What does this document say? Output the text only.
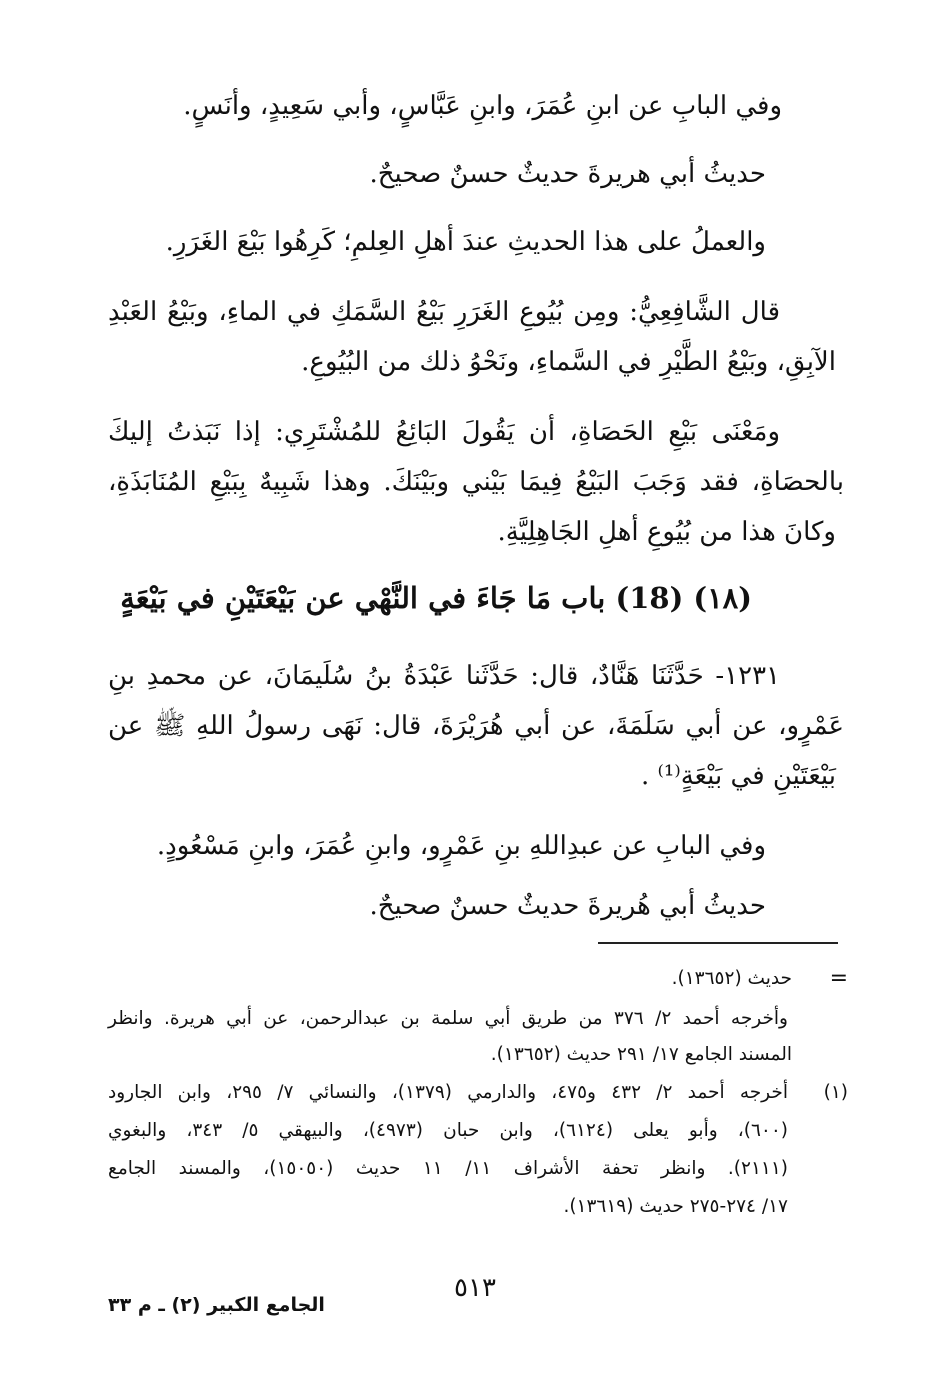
وفي البابِ عن ابنِ عُمَرَ، وابنِ عَبَّاسٍ، وأبي سَعِيدٍ، وأنَسٍ.
حديثُ أبي هريرةَ حديثٌ حسنٌ صحيحٌ.
والعملُ على هذا الحديثِ عندَ أهلِ العِلمِ؛ كَرِهُوا بَيْعَ الغَرَرِ.
قال الشَّافِعِيُّ: ومِن بُيُوعِ الغَرَرِ بَيْعُ السَّمَكِ في الماءِ، وبَيْعُ العَبْدِ
الآبِقِ، وبَيْعُ الطَّيْرِ في السَّماءِ، ونَحْوُ ذلك من البُيُوعِ.
ومَعْنَى بَيْعِ الحَصَاةِ، أن يَقُولَ البَائِعُ للمُشْتَرِي: إذا نَبَذتُ إليكَ
بالحصَاةِ، فقد وَجَبَ البَيْعُ فِيمَا بَيْني وبَيْنَكَ. وهذا شَبِيهٌ بِبَيْعِ المُنَابَذَةِ،
وكانَ هذا من بُيُوعِ أهلِ الجَاهِلِيَّةِ.
(١٨) (18) باب مَا جَاءَ في النَّهْي عن بَيْعَتَيْنِ في بَيْعَةٍ
١٢٣١- حَدَّثَنَا هَنَّادٌ، قال: حَدَّثَنا عَبْدَةُ بنُ سُلَيمَانَ، عن محمدِ بنِ
عَمْرٍو، عن أبي سَلَمَةَ، عن أبي هُرَيْرَةَ، قال: نَهَى رسولُ اللهِ ﷺ عن
بَيْعَتَيْنِ في بَيْعَةٍ⁽¹⁾ .
وفي البابِ عن عبدِاللهِ بنِ عَمْرٍو، وابنِ عُمَرَ، وابنِ مَسْعُودٍ.
حديثُ أبي هُريرةَ حديثٌ حسنٌ صحيحٌ.
=
حديث (١٣٦٥٢).
وأخرجه أحمد ٢/ ٣٧٦ من طريق أبي سلمة بن عبدالرحمن، عن أبي هريرة. وانظر
المسند الجامع ١٧/ ٢٩١ حديث (١٣٦٥٢).
(١)
أخرجه أحمد ٢/ ٤٣٢ و٤٧٥، والدارمي (١٣٧٩)، والنسائي ٧/ ٢٩٥، وابن الجارود
(٦٠٠)، وأبو يعلى (٦١٢٤)، وابن حبان (٤٩٧٣)، والبيهقي ٥/ ٣٤٣، والبغوي
(٢١١١). وانظر تحفة الأشراف ١١/ ١١ حديث (١٥٠٥٠)، والمسند الجامع
١٧/ ٢٧٤-٢٧٥ حديث (١٣٦١٩).
٥١٣
الجامع الكبير (٢) ـ م ٣٣
